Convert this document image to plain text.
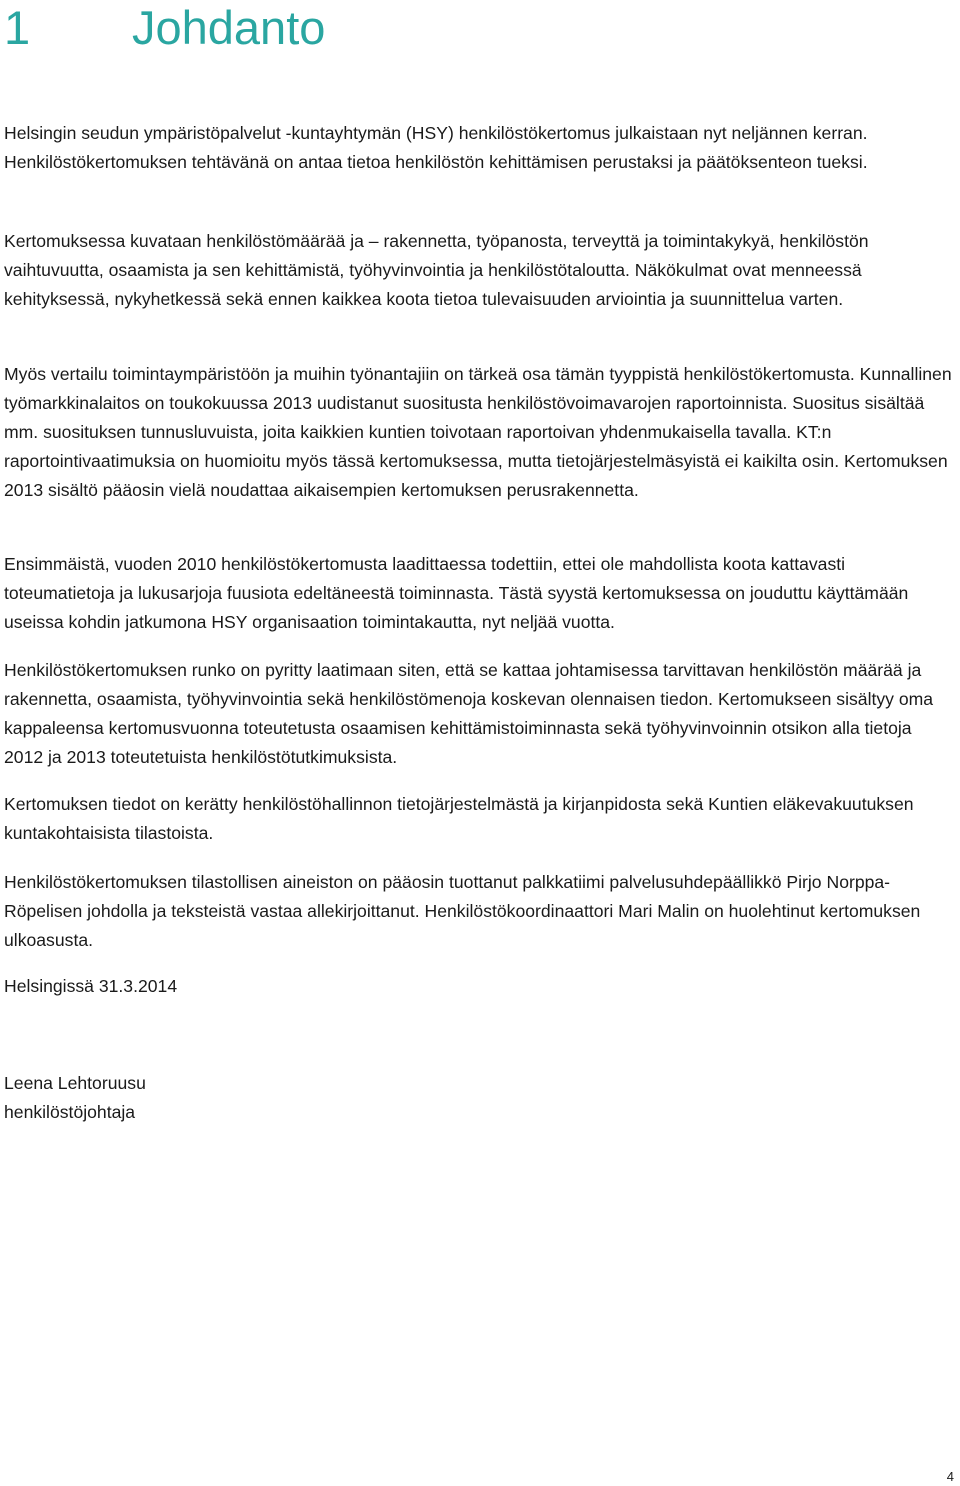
1 Johdanto

Helsingin seudun ympäristöpalvelut -kuntayhtymän (HSY) henkilöstökertomus julkaistaan nyt neljännen kerran. Henkilöstökertomuksen tehtävänä on antaa tietoa henkilöstön kehittämisen perustaksi ja päätöksenteon tueksi.

Kertomuksessa kuvataan henkilöstömäärää ja – rakennetta, työpanosta, terveyttä ja toimintakykyä, henkilöstön vaihtuvuutta, osaamista ja sen kehittämistä, työhyvinvointia ja henkilöstötaloutta. Näkökulmat ovat menneessä kehityksessä, nykyhetkessä sekä ennen kaikkea koota tietoa tulevaisuuden arviointia ja suunnittelua varten.

Myös vertailu toimintaympäristöön ja muihin työnantajiin on tärkeä osa tämän tyyppistä henkilöstökertomusta. Kunnallinen työmarkkinalaitos on toukokuussa 2013 uudistanut suositusta henkilöstövoimavarojen raportoinnista. Suositus sisältää mm. suosituksen tunnusluvuista, joita kaikkien kuntien toivotaan raportoivan yhdenmukaisella tavalla. KT:n raportointivaatimuksia on huomioitu myös tässä kertomuksessa, mutta tietojärjestelmäsyistä ei kaikilta osin. Kertomuksen 2013 sisältö pääosin vielä noudattaa aikaisempien kertomuksen perusrakennetta.

Ensimmäistä, vuoden 2010 henkilöstökertomusta laadittaessa todettiin, ettei ole mahdollista koota kattavasti toteumatietoja ja lukusarjoja fuusiota edeltäneestä toiminnasta. Tästä syystä kertomuksessa on jouduttu käyttämään useissa kohdin jatkumona HSY organisaation toimintakautta, nyt neljää vuotta.

Henkilöstökertomuksen runko on pyritty laatimaan siten, että se kattaa johtamisessa tarvittavan henkilöstön määrää ja rakennetta, osaamista, työhyvinvointia sekä henkilöstömenoja koskevan olennaisen tiedon. Kertomukseen sisältyy oma kappaleensa kertomusvuonna toteutetusta osaamisen kehittämistoiminnasta sekä työhyvinvoinnin otsikon alla tietoja 2012 ja 2013 toteutetuista henkilöstötutkimuksista.

Kertomuksen tiedot on kerätty henkilöstöhallinnon tietojärjestelmästä ja kirjanpidosta sekä Kuntien eläkevakuutuksen kuntakohtaisista tilastoista.

Henkilöstökertomuksen tilastollisen aineiston on pääosin tuottanut palkkatiimi palvelusuhdepäällikkö Pirjo Norppa-Röpelisen johdolla ja teksteistä vastaa allekirjoittanut. Henkilöstökoordinaattori Mari Malin on huolehtinut kertomuksen ulkoasusta.

Helsingissä 31.3.2014

Leena Lehtoruusu

henkilöstöjohtaja

4
